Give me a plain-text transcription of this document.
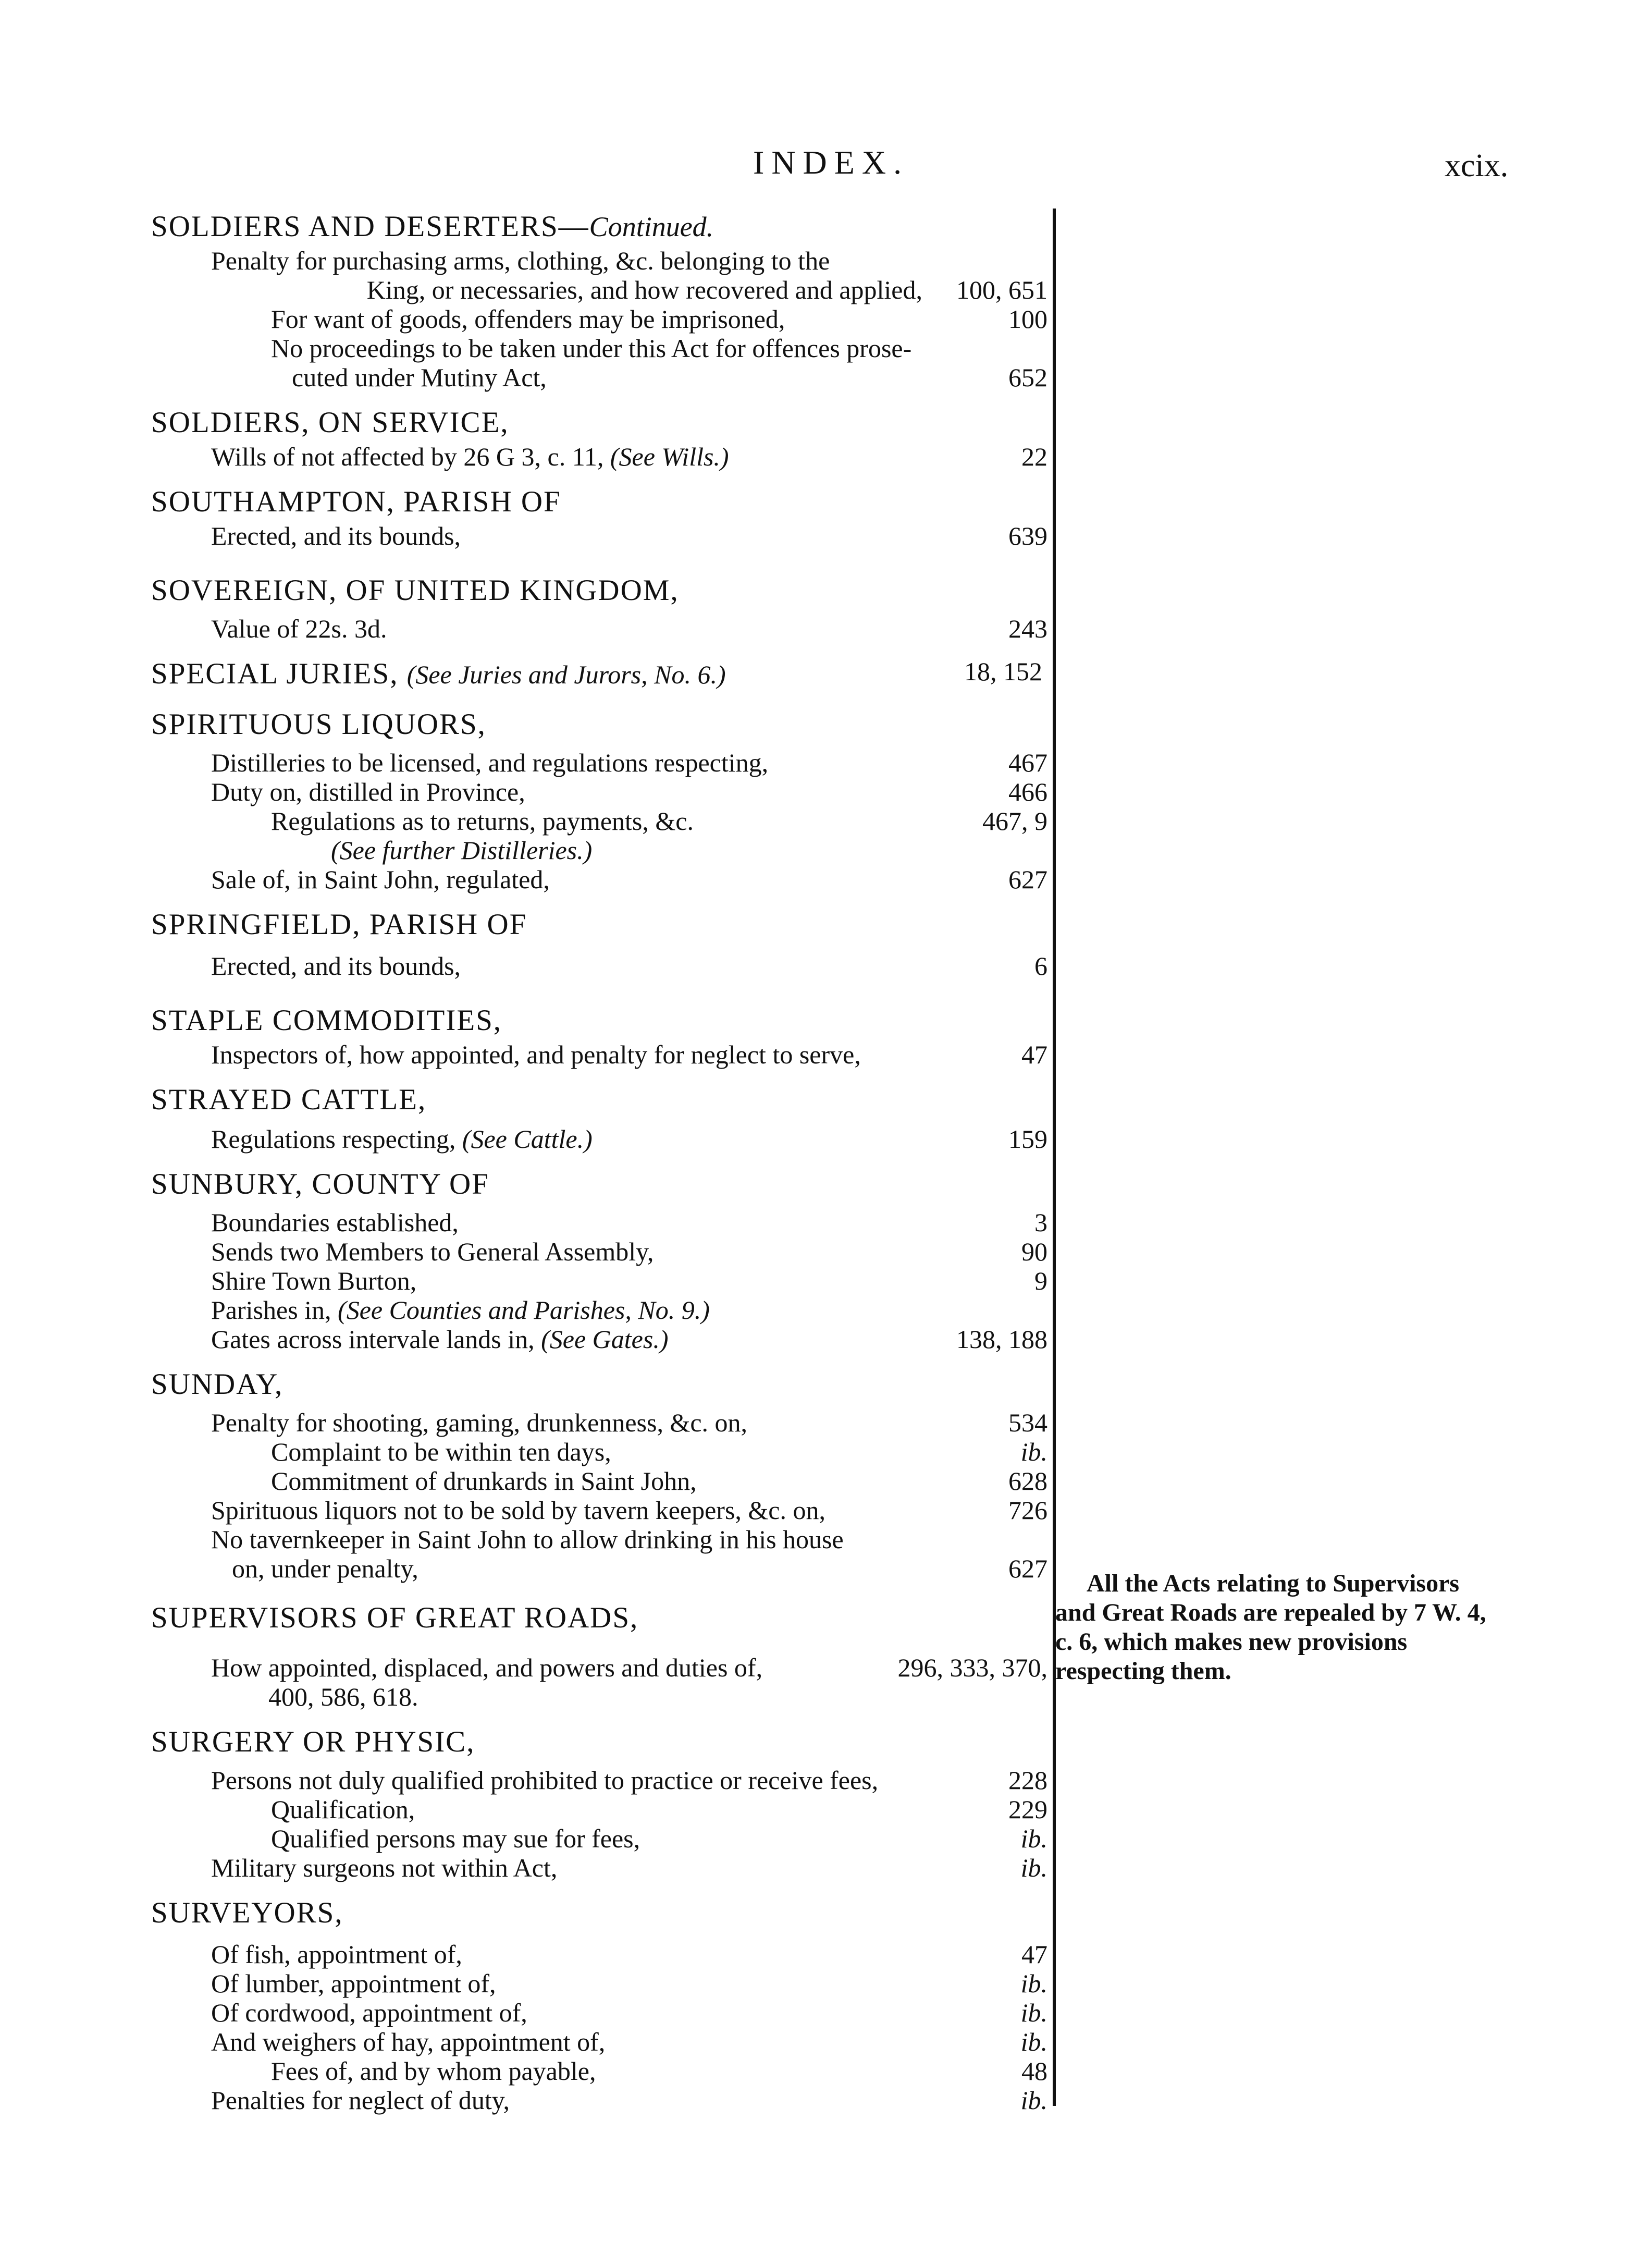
INDEX.	xcix.
SOLDIERS AND DESERTERS—Continued.
Penalty for purchasing arms, clothing, &c. belonging to the
King, or necessaries, and how recovered and applied,	100, 651
For want of goods, offenders may be imprisoned,	100
No proceedings to be taken under this Act for offences prose-
cuted under Mutiny Act,	652
SOLDIERS, ON SERVICE,
Wills of not affected by 26 G 3, c. 11, (See Wills.)	22
SOUTHAMPTON, PARISH OF
Erected, and its bounds,	639
SOVEREIGN, OF UNITED KINGDOM,
Value of 22s. 3d.	243
SPECIAL JURIES, (See Juries and Jurors, No. 6.)	18, 152
SPIRITUOUS LIQUORS,
Distilleries to be licensed, and regulations respecting,	467
Duty on, distilled in Province,	466
Regulations as to returns, payments, &c.	467, 9
(See further Distilleries.)
Sale of, in Saint John, regulated,	627
SPRINGFIELD, PARISH OF
Erected, and its bounds,	6
STAPLE COMMODITIES,
Inspectors of, how appointed, and penalty for neglect to serve,	47
STRAYED CATTLE,
Regulations respecting, (See Cattle.)	159
SUNBURY, COUNTY OF
Boundaries established,	3
Sends two Members to General Assembly,	90
Shire Town Burton,	9
Parishes in, (See Counties and Parishes, No. 9.)
Gates across intervale lands in, (See Gates.)	138, 188
SUNDAY,
Penalty for shooting, gaming, drunkenness, &c. on,	534
Complaint to be within ten days,	ib.
Commitment of drunkards in Saint John,	628
Spirituous liquors not to be sold by tavern keepers, &c. on,	726
No tavernkeeper in Saint John to allow drinking in his house
on, under penalty,	627
SUPERVISORS OF GREAT ROADS,
How appointed, displaced, and powers and duties of,	296, 333, 370,
400, 586, 618.
SURGERY OR PHYSIC,
Persons not duly qualified prohibited to practice or receive fees,	228
Qualification,	229
Qualified persons may sue for fees,	ib.
Military surgeons not within Act,	ib.
SURVEYORS,
Of fish, appointment of,	47
Of lumber, appointment of,	ib.
Of cordwood, appointment of,	ib.
And weighers of hay, appointment of,	ib.
Fees of, and by whom payable,	48
Penalties for neglect of duty,	ib.
All the Acts relating to Supervisors
and Great Roads are repealed by 7 W. 4, c. 6, which makes new provisions respecting them.
